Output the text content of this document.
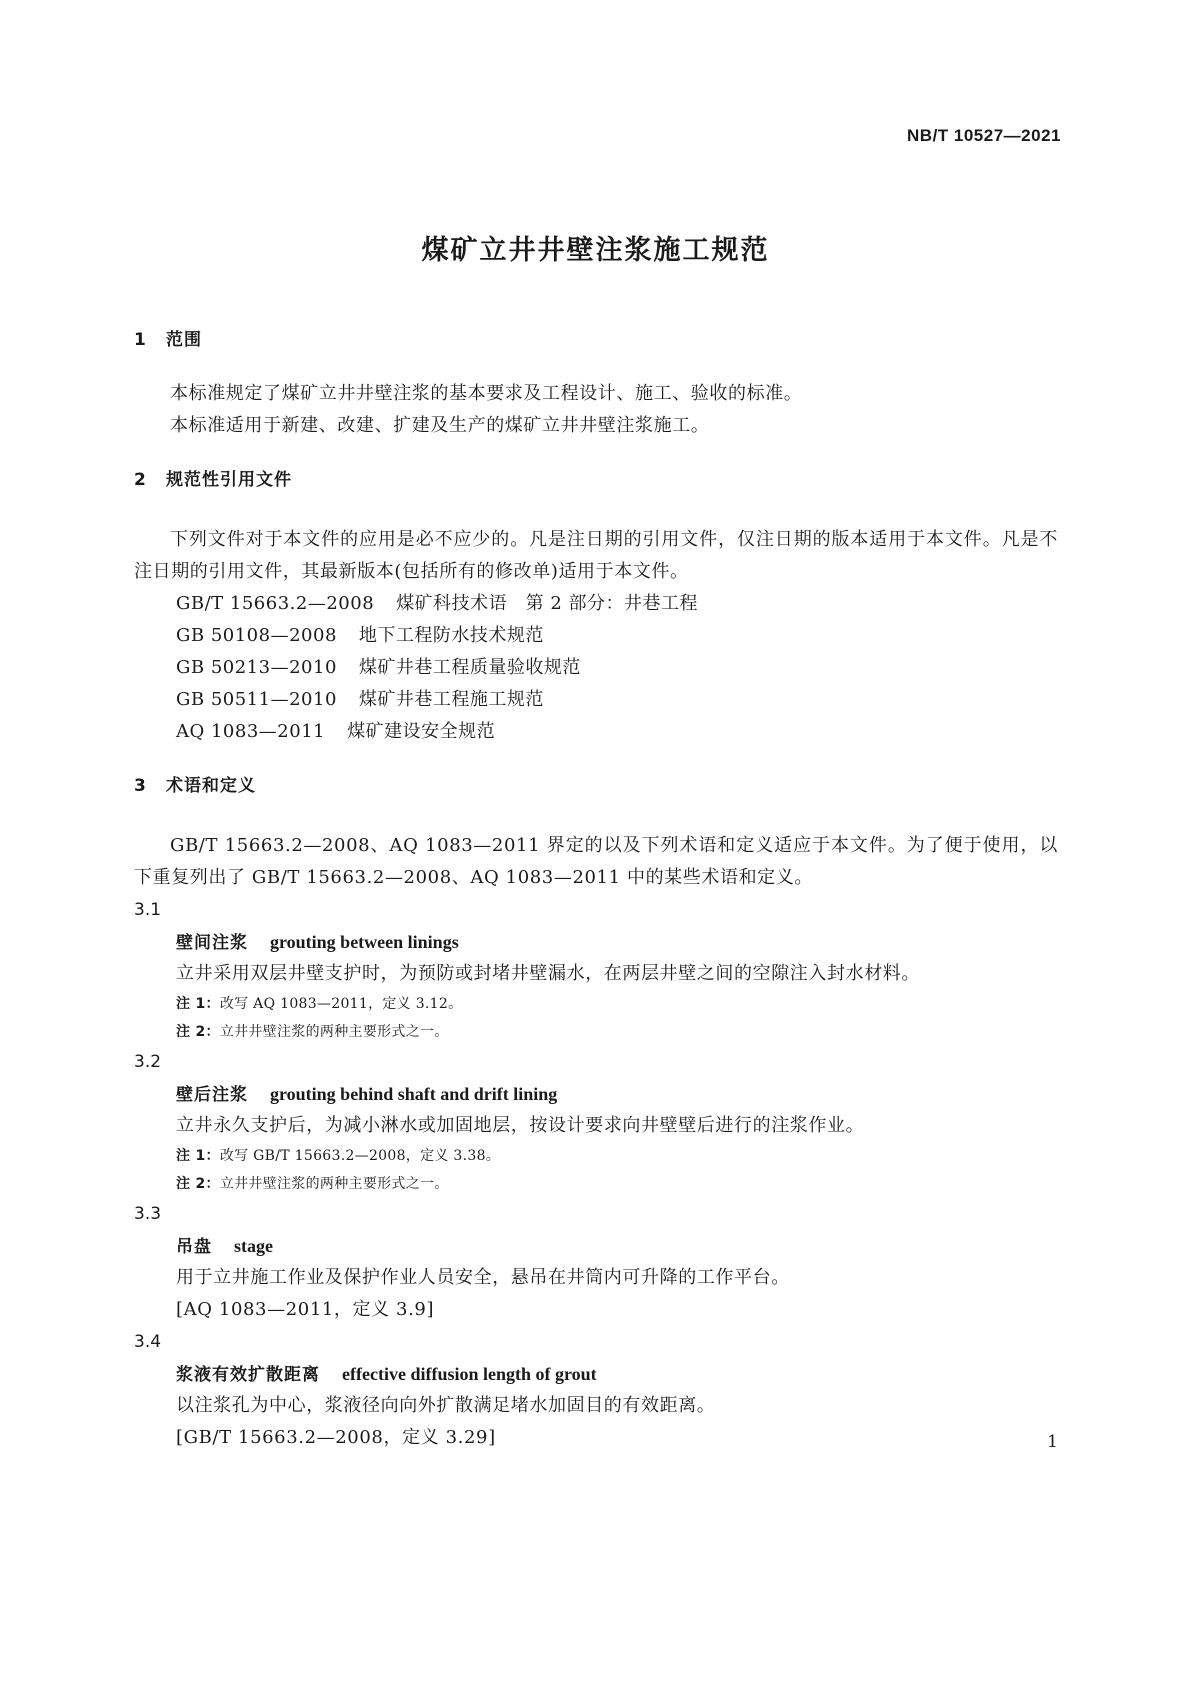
NB/T 10527—2021
煤矿立井井壁注浆施工规范
1 范围

本标准规定了煤矿立井井壁注浆的基本要求及工程设计、施工、验收的标准。

本标准适用于新建、改建、扩建及生产的煤矿立井井壁注浆施工。

2 规范性引用文件

下列文件对于本文件的应用是必不应少的。凡是注日期的引用文件，仅注日期的版本适用于本文件。凡是不注日期的引用文件，其最新版本(包括所有的修改单)适用于本文件。

GB/T 15663.2—2008 煤矿科技术语　第 2 部分：井巷工程

GB 50108—2008 地下工程防水技术规范

GB 50213—2010 煤矿井巷工程质量验收规范

GB 50511—2010 煤矿井巷工程施工规范

AQ 1083—2011 煤矿建设安全规范

3 术语和定义

GB/T 15663.2—2008、AQ 1083—2011 界定的以及下列术语和定义适应于本文件。为了便于使用，以下重复列出了 GB/T 15663.2—2008、AQ 1083—2011 中的某些术语和定义。

3.1

壁间注浆 grouting between linings

立井采用双层井壁支护时，为预防或封堵井壁漏水，在两层井壁之间的空隙注入封水材料。

注 1：改写 AQ 1083—2011，定义 3.12。

注 2：立井井壁注浆的两种主要形式之一。

3.2

壁后注浆 grouting behind shaft and drift lining

立井永久支护后，为减小淋水或加固地层，按设计要求向井壁壁后进行的注浆作业。

注 1：改写 GB/T 15663.2—2008，定义 3.38。

注 2：立井井壁注浆的两种主要形式之一。

3.3

吊盘 stage

用于立井施工作业及保护作业人员安全，悬吊在井筒内可升降的工作平台。

[AQ 1083—2011，定义 3.9]

3.4

浆液有效扩散距离 effective diffusion length of grout

以注浆孔为中心，浆液径向向外扩散满足堵水加固目的有效距离。

[GB/T 15663.2—2008，定义 3.29]	1
